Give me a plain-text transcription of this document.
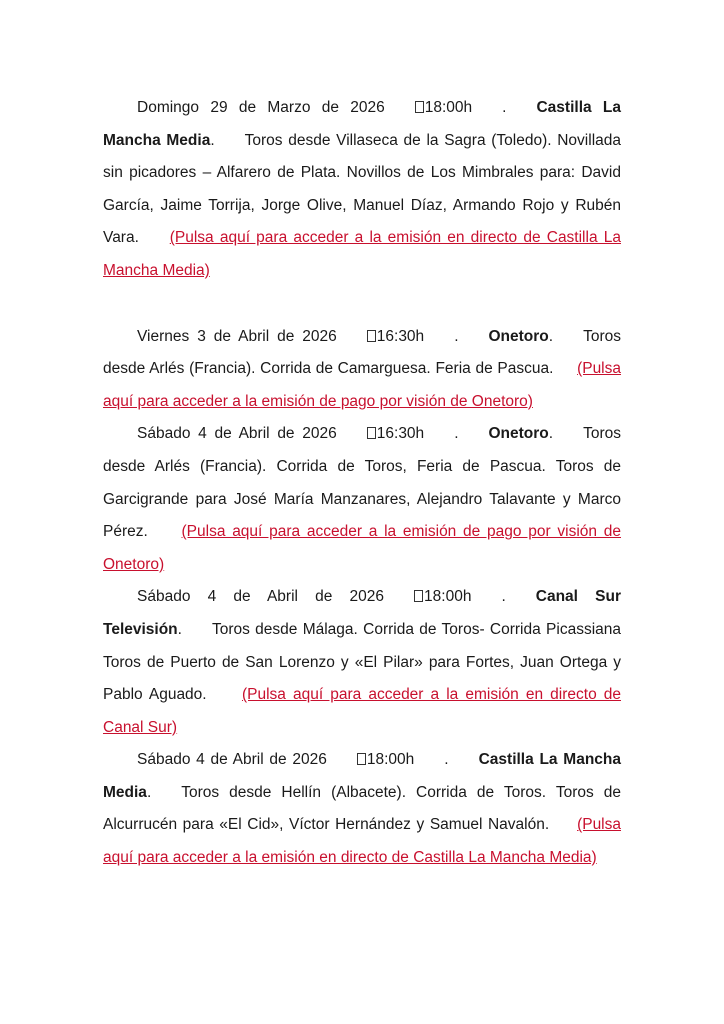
Domingo 29 de Marzo de 2026	18:00h . Castilla La Mancha Media. Toros desde Villaseca de la Sagra (Toledo). Novillada sin picadores – Alfarero de Plata. Novillos de Los Mimbrales para: David García, Jaime Torrija, Jorge Olive, Manuel Díaz, Armando Rojo y Rubén Vara. (Pulsa aquí para acceder a la emisión en directo de Castilla La Mancha Media)

Viernes 3 de Abril de 2026	16:30h . Onetoro. Toros desde Arlés (Francia). Corrida de Camarguesa. Feria de Pascua. (Pulsa aquí para acceder a la emisión de pago por visión de Onetoro)

Sábado 4 de Abril de 2026	16:30h . Onetoro. Toros desde Arlés (Francia). Corrida de Toros, Feria de Pascua. Toros de Garcigrande para José María Manzanares, Alejandro Talavante y Marco Pérez. (Pulsa aquí para acceder a la emisión de pago por visión de Onetoro)

Sábado 4 de Abril de 2026	18:00h . Canal Sur Televisión. Toros desde Málaga. Corrida de Toros- Corrida Picassiana Toros de Puerto de San Lorenzo y «El Pilar» para Fortes, Juan Ortega y Pablo Aguado. (Pulsa aquí para acceder a la emisión en directo de Canal Sur)

Sábado 4 de Abril de 2026	18:00h . Castilla La Mancha Media. Toros desde Hellín (Albacete). Corrida de Toros. Toros de Alcurrucén para «El Cid», Víctor Hernández y Samuel Navalón. (Pulsa aquí para acceder a la emisión en directo de Castilla La Mancha Media)
